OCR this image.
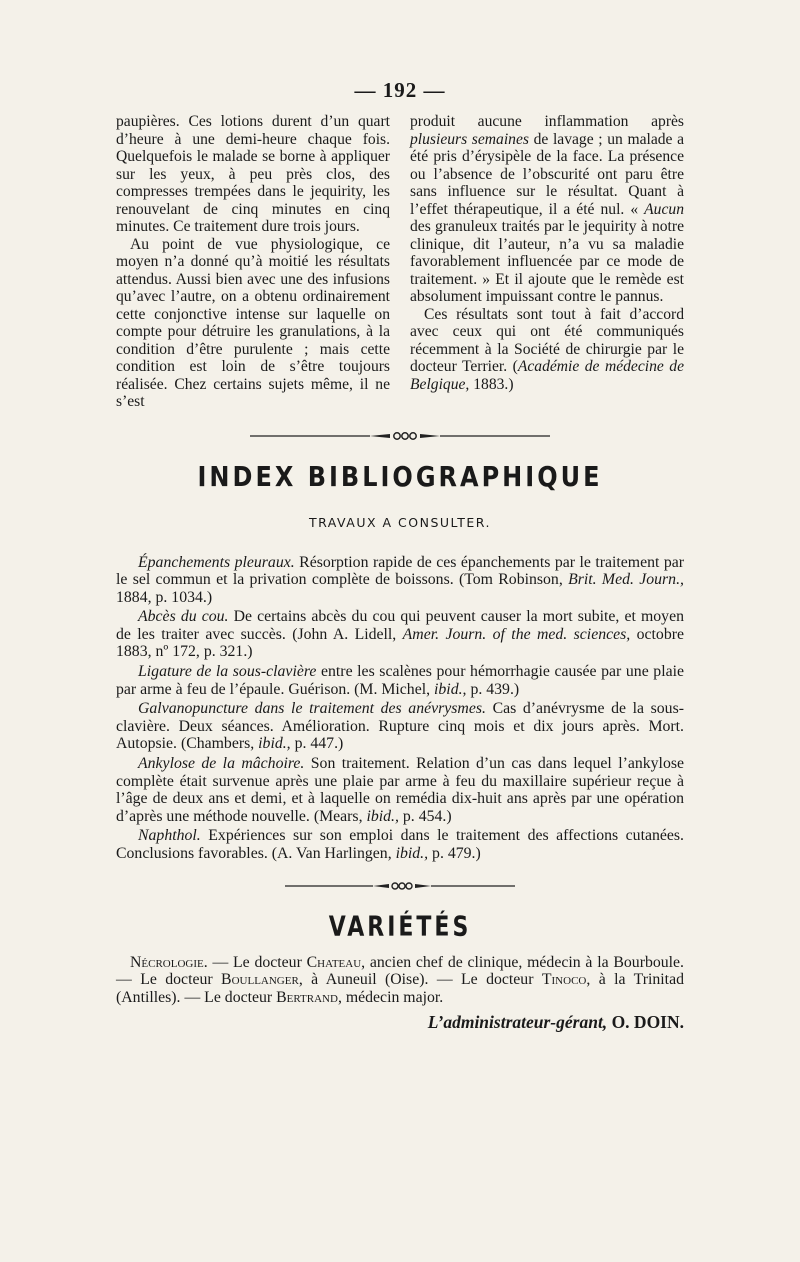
— 192 —

paupières. Ces lotions durent d’un quart d’heure à une demi-heure chaque fois. Quelquefois le malade se borne à appliquer sur les yeux, à peu près clos, des compresses trempées dans le jequirity, les renouvelant de cinq minutes en cinq minutes. Ce traitement dure trois jours.

Au point de vue physiologique, ce moyen n’a donné qu’à moitié les résultats attendus. Aussi bien avec une des infusions qu’avec l’autre, on a obtenu ordinairement cette conjonctive intense sur laquelle on compte pour détruire les granulations, à la condition d’être purulente ; mais cette condition est loin de s’être toujours réalisée. Chez certains sujets même, il ne s’est

produit aucune inflammation après plusieurs semaines de lavage ; un malade a été pris d’érysipèle de la face. La présence ou l’absence de l’obscurité ont paru être sans influence sur le résultat. Quant à l’effet thérapeutique, il a été nul. « Aucun des granuleux traités par le jequirity à notre clinique, dit l’auteur, n’a vu sa maladie favorablement influencée par ce mode de traitement. » Et il ajoute que le remède est absolument impuissant contre le pannus.

Ces résultats sont tout à fait d’accord avec ceux qui ont été communiqués récemment à la Société de chirurgie par le docteur Terrier. (Académie de médecine de Belgique, 1883.)

INDEX BIBLIOGRAPHIQUE
TRAVAUX A CONSULTER.

Épanchements pleuraux. Résorption rapide de ces épanchements par le traitement par le sel commun et la privation complète de boissons. (Tom Robinson, Brit. Med. Journ., 1884, p. 1034.)

Abcès du cou. De certains abcès du cou qui peuvent causer la mort subite, et moyen de les traiter avec succès. (John A. Lidell, Amer. Journ. of the med. sciences, octobre 1883, nº 172, p. 321.)

Ligature de la sous-clavière entre les scalènes pour hémorrhagie causée par une plaie par arme à feu de l’épaule. Guérison. (M. Michel, ibid., p. 439.)

Galvanopuncture dans le traitement des anévrysmes. Cas d’anévrysme de la sous-clavière. Deux séances. Amélioration. Rupture cinq mois et dix jours après. Mort. Autopsie. (Chambers, ibid., p. 447.)

Ankylose de la mâchoire. Son traitement. Relation d’un cas dans lequel l’ankylose complète était survenue après une plaie par arme à feu du maxillaire supérieur reçue à l’âge de deux ans et demi, et à laquelle on remédia dix-huit ans après par une opération d’après une méthode nouvelle. (Mears, ibid., p. 454.)

Naphthol. Expériences sur son emploi dans le traitement des affections cutanées. Conclusions favorables. (A. Van Harlingen, ibid., p. 479.)

VARIÉTÉS

Nécrologie. — Le docteur Chateau, ancien chef de clinique, médecin à la Bourboule. — Le docteur Boullanger, à Auneuil (Oise). — Le docteur Tinoco, à la Trinitad (Antilles). — Le docteur Bertrand, médecin major.

L’administrateur-gérant, O. DOIN.
